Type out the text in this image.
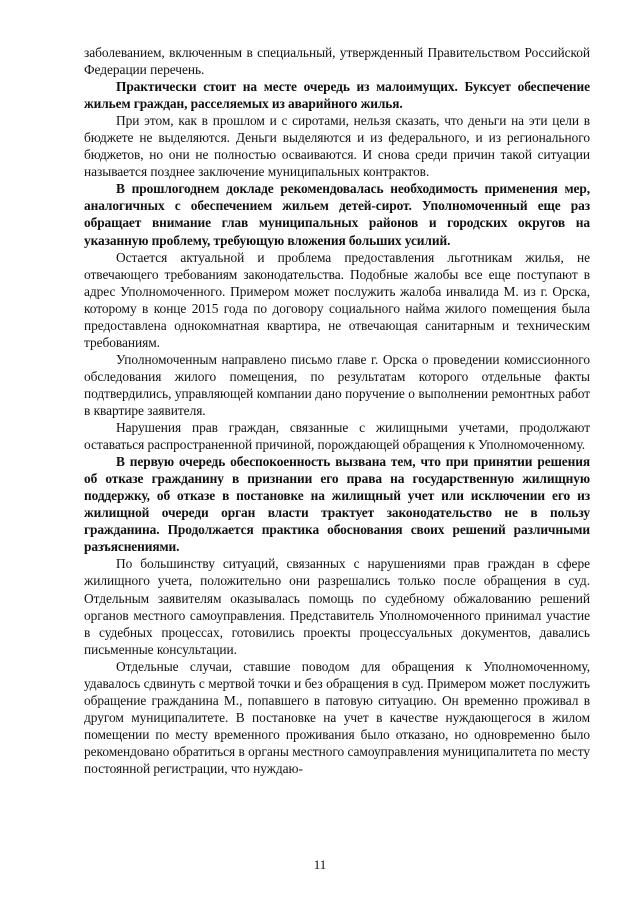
заболеванием, включенным в специальный, утвержденный Правительством Российской Федерации перечень.

Практически стоит на месте очередь из малоимущих. Буксует обеспечение жильем граждан, расселяемых из аварийного жилья.

При этом, как в прошлом и с сиротами, нельзя сказать, что деньги на эти цели в бюджете не выделяются. Деньги выделяются и из федерального, и из регионального бюджетов, но они не полностью осваиваются. И снова среди причин такой ситуации называется позднее заключение муниципальных контрактов.

В прошлогоднем докладе рекомендовалась необходимость применения мер, аналогичных с обеспечением жильем детей-сирот. Уполномоченный еще раз обращает внимание глав муниципальных районов и городских округов на указанную проблему, требующую вложения больших усилий.

Остается актуальной и проблема предоставления льготникам жилья, не отвечающего требованиям законодательства. Подобные жалобы все еще поступают в адрес Уполномоченного. Примером может послужить жалоба инвалида М. из г. Орска, которому в конце 2015 года по договору социального найма жилого помещения была предоставлена однокомнатная квартира, не отвечающая санитарным и техническим требованиям.

Уполномоченным направлено письмо главе г. Орска о проведении комиссионного обследования жилого помещения, по результатам которого отдельные факты подтвердились, управляющей компании дано поручение о выполнении ремонтных работ в квартире заявителя.

Нарушения прав граждан, связанные с жилищными учетами, продолжают оставаться распространенной причиной, порождающей обращения к Уполномоченному.

В первую очередь обеспокоенность вызвана тем, что при принятии решения об отказе гражданину в признании его права на государственную жилищную поддержку, об отказе в постановке на жилищный учет или исключении его из жилищной очереди орган власти трактует законодательство не в пользу гражданина. Продолжается практика обоснования своих решений различными разъяснениями.

По большинству ситуаций, связанных с нарушениями прав граждан в сфере жилищного учета, положительно они разрешались только после обращения в суд. Отдельным заявителям оказывалась помощь по судебному обжалованию решений органов местного самоуправления. Представитель Уполномоченного принимал участие в судебных процессах, готовились проекты процессуальных документов, давались письменные консультации.

Отдельные случаи, ставшие поводом для обращения к Уполномоченному, удавалось сдвинуть с мертвой точки и без обращения в суд. Примером может послужить обращение гражданина М., попавшего в патовую ситуацию. Он временно проживал в другом муниципалитете. В постановке на учет в качестве нуждающегося в жилом помещении по месту временного проживания было отказано, но одновременно было рекомендовано обратиться в органы местного самоуправления муниципалитета по месту постоянной регистрации, что нуждаю-

11
